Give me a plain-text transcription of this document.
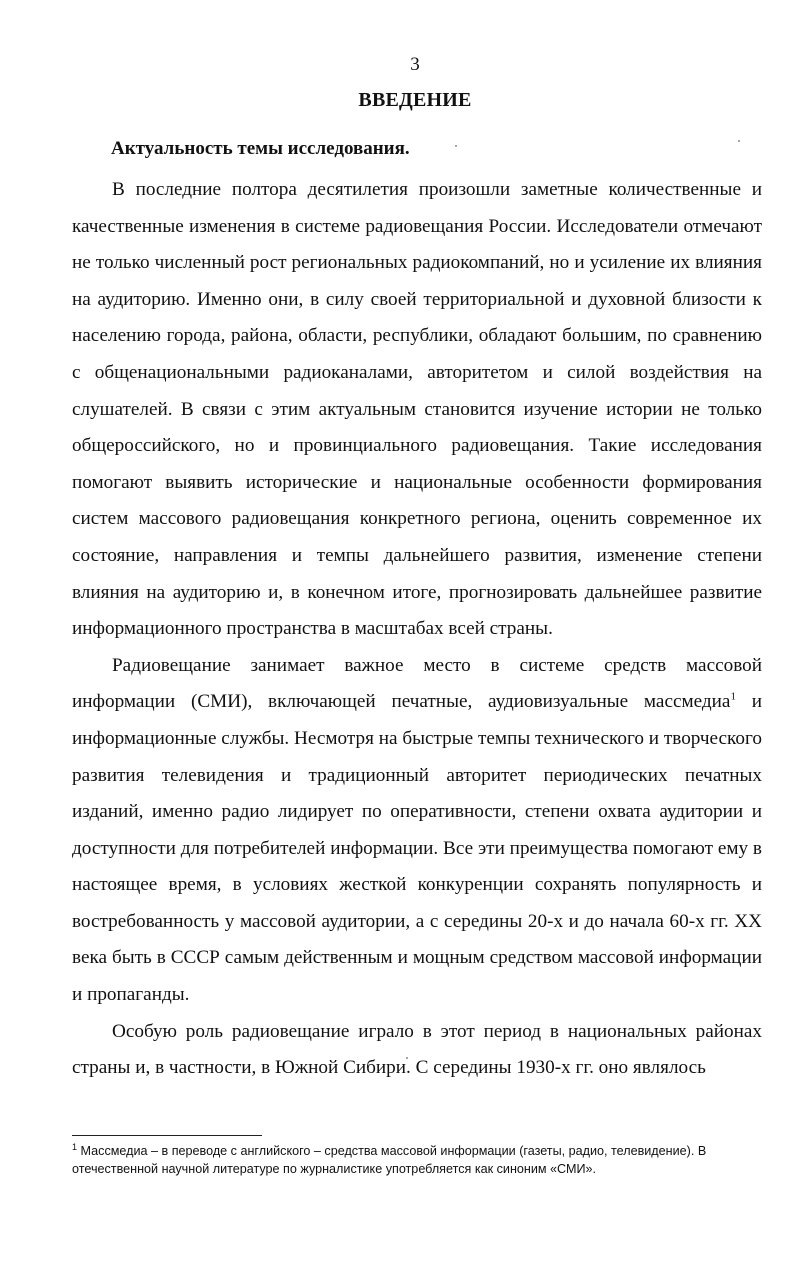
3
ВВЕДЕНИЕ
Актуальность темы исследования.

В последние полтора десятилетия произошли заметные количественные и качественные изменения в системе радиовещания России. Исследователи отмечают не только численный рост региональных радиокомпаний, но и усиление их влияния на аудиторию. Именно они, в силу своей территориальной и духовной близости к населению города, района, области, республики, обладают большим, по сравнению с общенациональными радиоканалами, авторитетом и силой воздействия на слушателей. В связи с этим актуальным становится изучение истории не только общероссийского, но и провинциального радиовещания. Такие исследования помогают выявить исторические и национальные особенности формирования систем массового радиовещания конкретного региона, оценить современное их состояние, направления и темпы дальнейшего развития, изменение степени влияния на аудиторию и, в конечном итоге, прогнозировать дальнейшее развитие информационного пространства в масштабах всей страны.

Радиовещание занимает важное место в системе средств массовой информации (СМИ), включающей печатные, аудиовизуальные массмедиа$^1$ и информационные службы. Несмотря на быстрые темпы технического и творческого развития телевидения и традиционный авторитет периодических печатных изданий, именно радио лидирует по оперативности, степени охвата аудитории и доступности для потребителей информации. Все эти преимущества помогают ему в настоящее время, в условиях жесткой конкуренции сохранять популярность и востребованность у массовой аудитории, а с середины 20-х и до начала 60-х гг. XX века быть в СССР самым действенным и мощным средством массовой информации и пропаганды.

Особую роль радиовещание играло в этот период в национальных районах страны и, в частности, в Южной Сибири. С середины 1930-х гг. оно являлось

$^1$ Массмедиа – в переводе с английского – средства массовой информации (газеты, радио, телевидение). В отечественной научной литературе по журналистике употребляется как синоним «СМИ».
